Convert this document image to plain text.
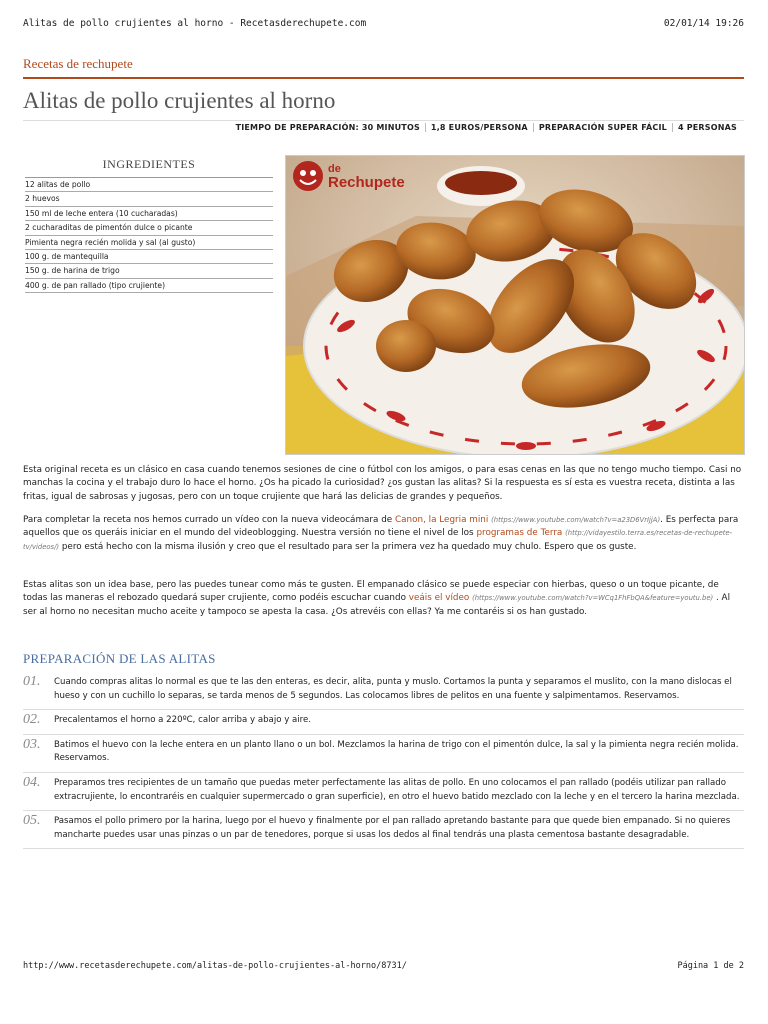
Alitas de pollo crujientes al horno - Recetasderechupete.com	02/01/14 19:26
Recetas de rechupete
Alitas de pollo crujientes al horno
TIEMPO DE PREPARACIÓN: 30 MINUTOS	1,8 EUROS/PERSONA	PREPARACIÓN SUPER FÁCIL	4 PERSONAS
INGREDIENTES
12 alitas de pollo
2 huevos
150 ml de leche entera (10 cucharadas)
2 cucharaditas de pimentón dulce o picante
Pimienta negra recién molida y sal (al gusto)
100 g. de mantequilla
150 g. de harina de trigo
400 g. de pan rallado (tipo crujiente)
de
Rechupete

Esta original receta es un clásico en casa cuando tenemos sesiones de cine o fútbol con los amigos, o para esas cenas en las que no tengo mucho tiempo. Casi no manchas la cocina y el trabajo duro lo hace el horno. ¿Os ha picado la curiosidad? ¿os gustan las alitas? Si la respuesta es sí esta es vuestra receta, distinta a las fritas, igual de sabrosas y jugosas, pero con un toque crujiente que hará las delicias de grandes y pequeños.

Para completar la receta nos hemos currado un vídeo con la nueva videocámara de Canon, la Legria mini (https://www.youtube.com/watch?v=a23D6VrIjjA). Es perfecta para aquellos que os queráis iniciar en el mundo del videoblogging. Nuestra versión no tiene el nivel de los programas de Terra (http://vidayestilo.terra.es/recetas-de-rechupete-tv/videos/) pero está hecho con la misma ilusión y creo que el resultado para ser la primera vez ha quedado muy chulo. Espero que os guste.

Estas alitas son un idea base, pero las puedes tunear como más te gusten. El empanado clásico se puede especiar con hierbas, queso o un toque picante, de todas las maneras el rebozado quedará super crujiente, como podéis escuchar cuando veáis el vídeo (https://www.youtube.com/watch?v=WCq1FhFbQA&feature=youtu.be) . Al ser al horno no necesitan mucho aceite y tampoco se apesta la casa. ¿Os atrevéis con ellas? Ya me contaréis si os han gustado.

PREPARACIÓN DE LAS ALITAS
01. Cuando compras alitas lo normal es que te las den enteras, es decir, alita, punta y muslo. Cortamos la punta y separamos el muslito, con la mano dislocas el hueso y con un cuchillo lo separas, se tarda menos de 5 segundos. Las colocamos libres de pelitos en una fuente y salpimentamos. Reservamos.
02. Precalentamos el horno a 220ºC, calor arriba y abajo y aire.
03. Batimos el huevo con la leche entera en un planto llano o un bol. Mezclamos la harina de trigo con el pimentón dulce, la sal y la pimienta negra recién molida. Reservamos.
04. Preparamos tres recipientes de un tamaño que puedas meter perfectamente las alitas de pollo. En uno colocamos el pan rallado (podéis utilizar pan rallado extracrujiente, lo encontraréis en cualquier supermercado o gran superficie), en otro el huevo batido mezclado con la leche y en el tercero la harina mezclada.
05. Pasamos el pollo primero por la harina, luego por el huevo y finalmente por el pan rallado apretando bastante para que quede bien empanado. Si no quieres mancharte puedes usar unas pinzas o un par de tenedores, porque si usas los dedos al final tendrás una plasta cementosa bastante desagradable.
http://www.recetasderechupete.com/alitas-de-pollo-crujientes-al-horno/8731/	Página 1 de 2
